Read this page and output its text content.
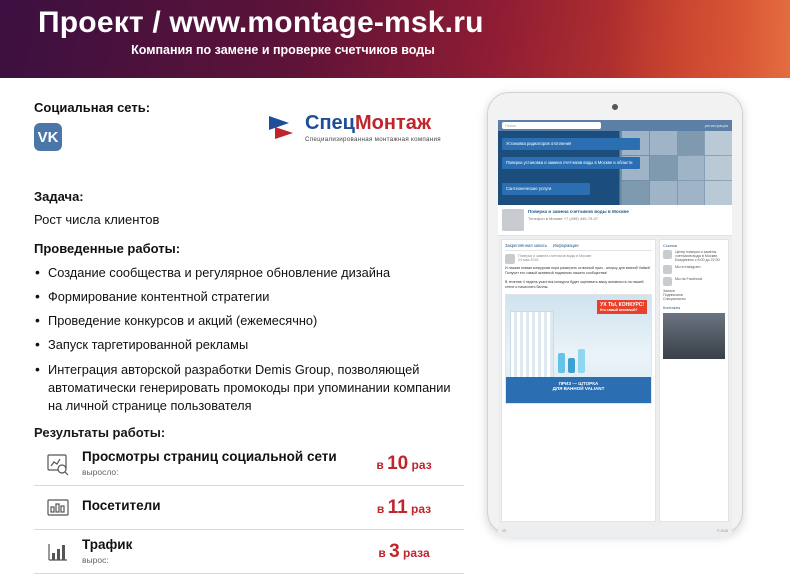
Проект / www.montage-msk.ru
Компания по замене и проверке счетчиков воды
Социальная сеть:
VK
СпецМонтаж
Специализированная монтажная компания
Задача:
Рост числа клиентов
Проведенные работы:
• Создание сообщества и регулярное обновление дизайна
• Формирование контентной стратегии
• Проведение конкурсов и акций (ежемесячно)
• Запуск таргетированной рекламы
• Интеграция авторской разработки Demis Group, позволяющей автоматически генерировать промокоды при упоминании компании на личной странице пользователя
Результаты работы:
Просмотры страниц социальной сети
выросло:
в 10 раз
Посетители	в 11 раз
Трафик
вырос:
в 3 раза
Поиск	регистрация
Установка радиаторов отопления
Поверка установка и замена счетчиков воды в Москве и области
Сантехнические услуги
Поверка и замена счетчиков воды в Москве
Телефон в Москве +7 (495) 440-79-07
Закреплённая запись Информация
Поверка и замена счетчиков воды в Москве
24 мая 2018
И нашим новым конкурсам пора разыграть отличный приз - шторку для ванной Valiant! Получит его самый активный подписчик нашего сообщества!
В течение 4 недель участник конкурса будет оценивать вашу активность на нашей стене и начислять баллы:
УХ ТЫ, КОНКУРС!
Кто самый активный?
ПРИЗ — ШТОРКА
ДЛЯ ВАННОЙ VALIANT
Ссылки
Центр поверки и замены счетчиков воды в Москве. Ежедневно с 8:00 до 22:00
Мы в Instagram
Мы на Facebook
Записи
Подписчики
Специалисты
Контакты
VK	© 2018
